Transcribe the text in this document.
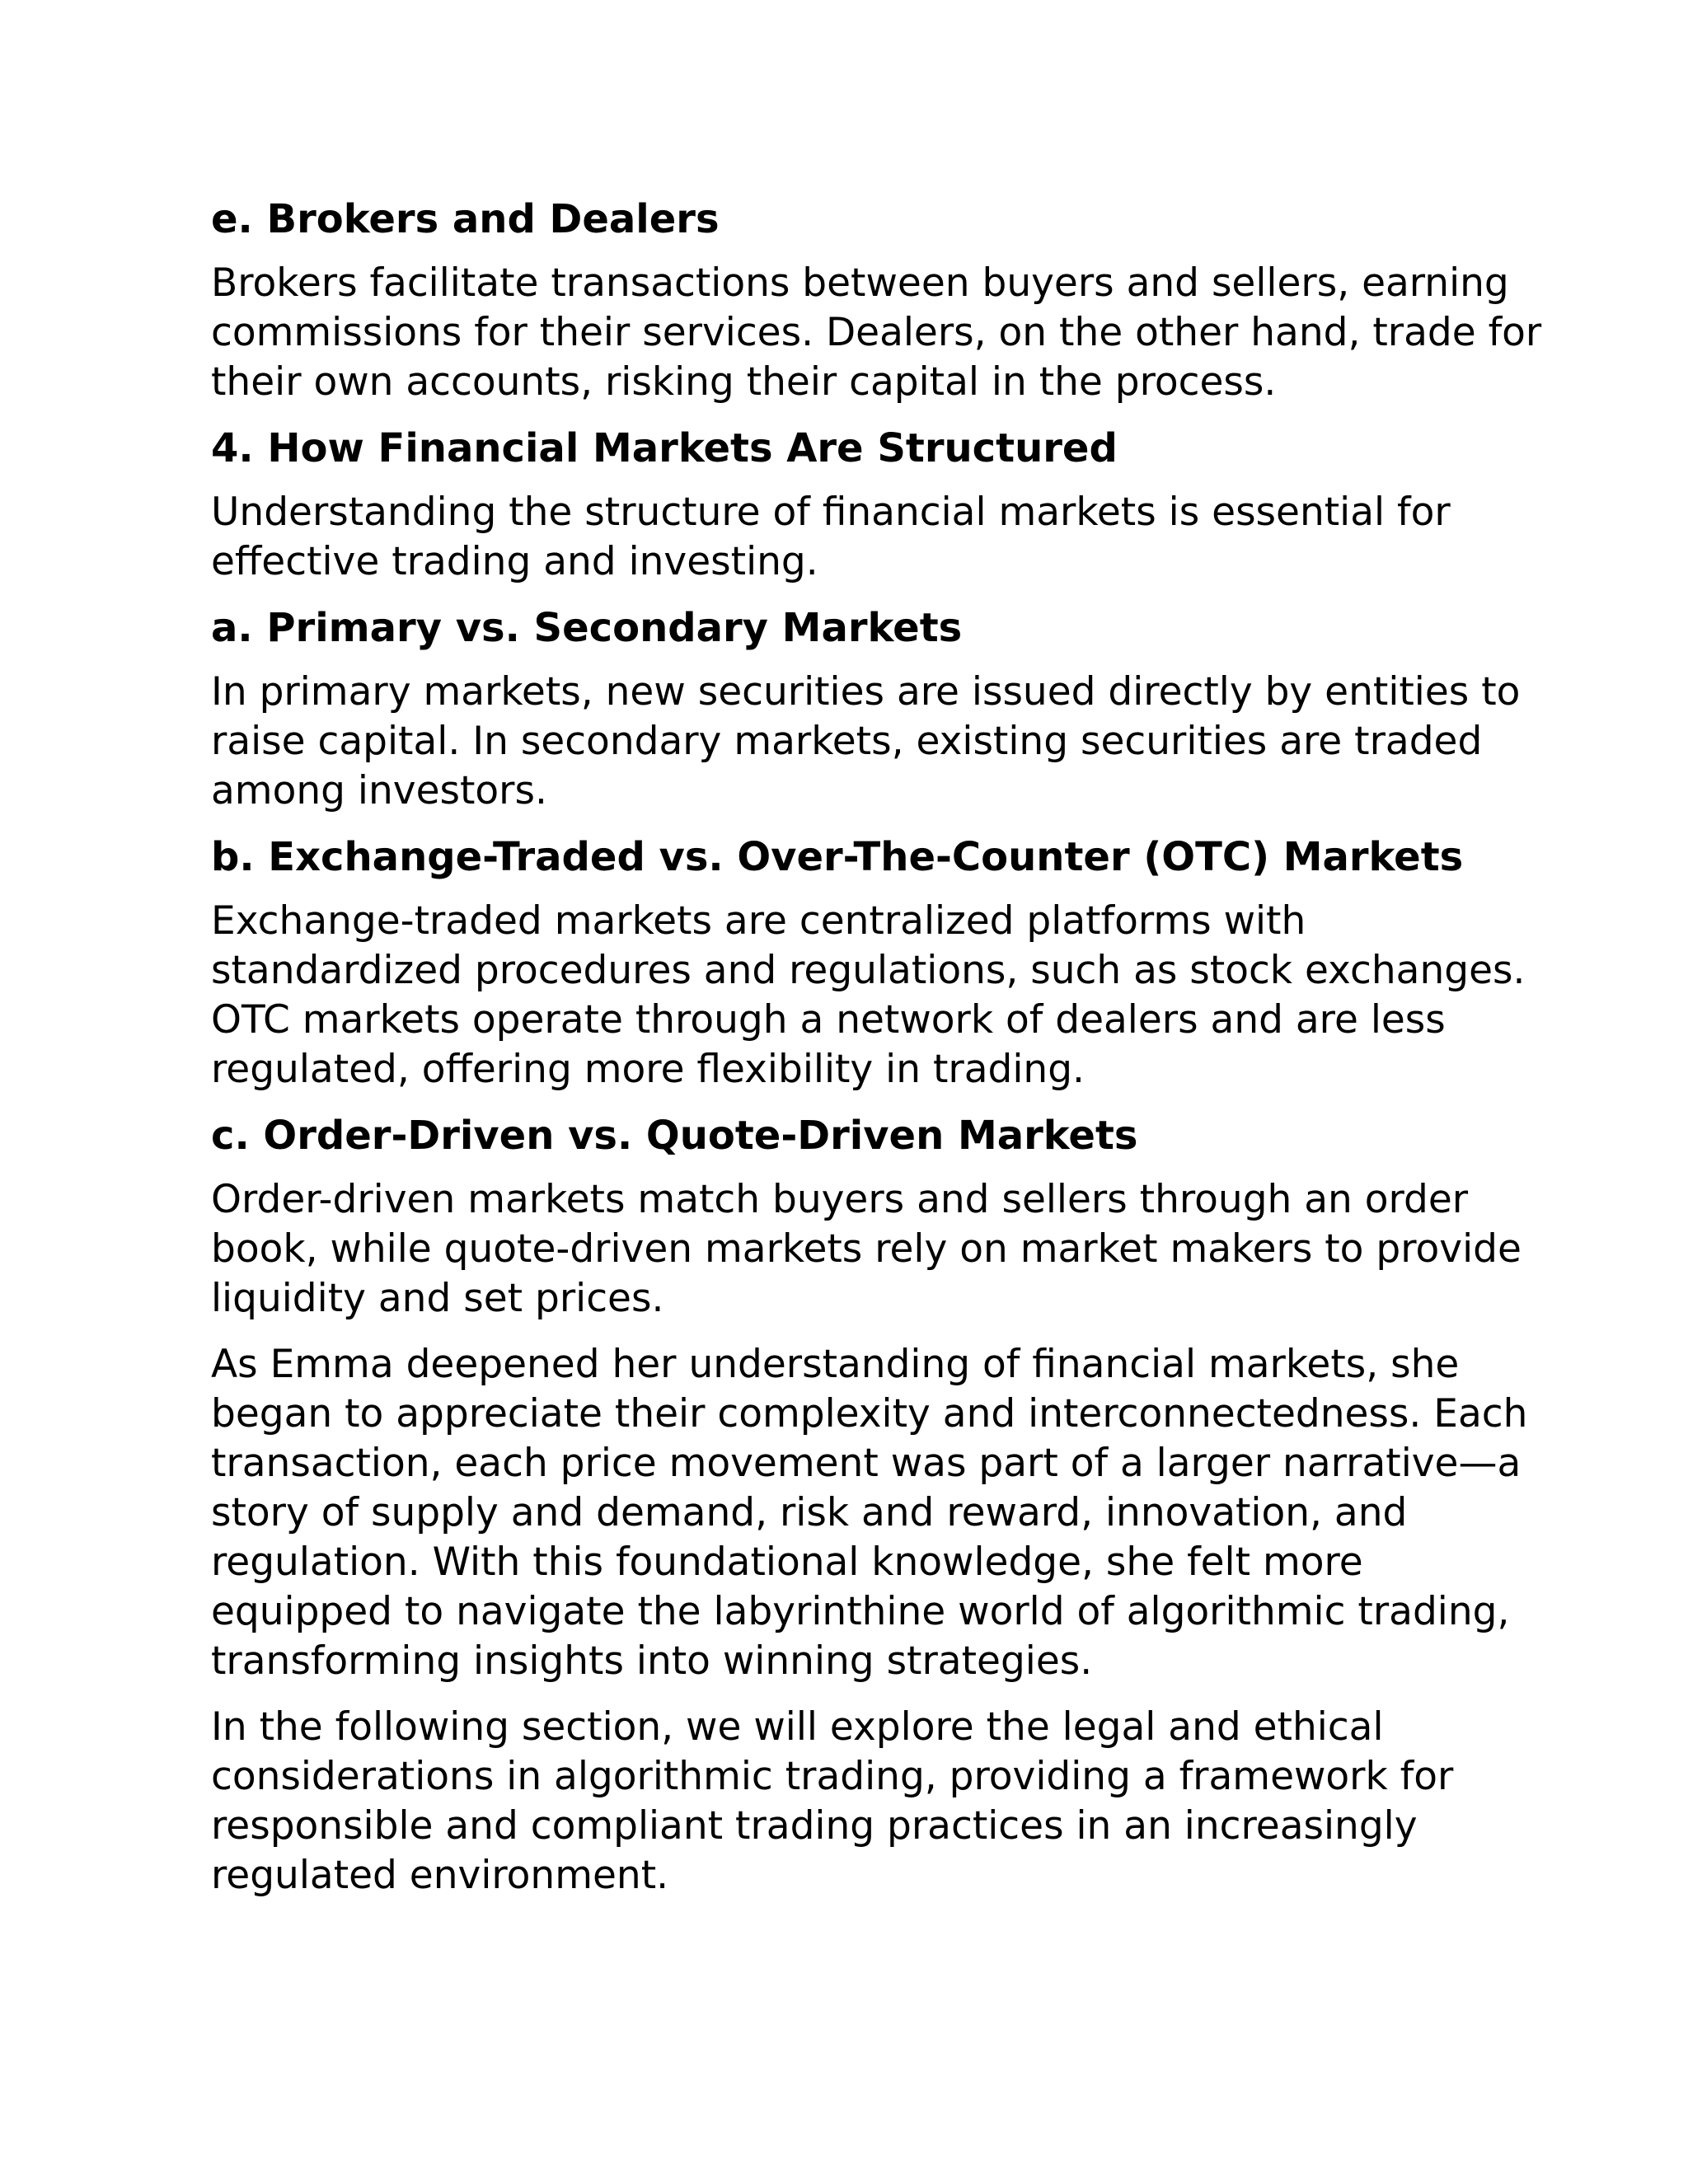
e. Brokers and Dealers
Brokers facilitate transactions between buyers and sellers, earning
commissions for their services. Dealers, on the other hand, trade for
their own accounts, risking their capital in the process.
4. How Financial Markets Are Structured
Understanding the structure of financial markets is essential for
effective trading and investing.
a. Primary vs. Secondary Markets
In primary markets, new securities are issued directly by entities to
raise capital. In secondary markets, existing securities are traded
among investors.
b. Exchange-Traded vs. Over-The-Counter (OTC) Markets
Exchange-traded markets are centralized platforms with
standardized procedures and regulations, such as stock exchanges.
OTC markets operate through a network of dealers and are less
regulated, offering more flexibility in trading.
c. Order-Driven vs. Quote-Driven Markets
Order-driven markets match buyers and sellers through an order
book, while quote-driven markets rely on market makers to provide
liquidity and set prices.
As Emma deepened her understanding of financial markets, she
began to appreciate their complexity and interconnectedness. Each
transaction, each price movement was part of a larger narrative—a
story of supply and demand, risk and reward, innovation, and
regulation. With this foundational knowledge, she felt more
equipped to navigate the labyrinthine world of algorithmic trading,
transforming insights into winning strategies.
In the following section, we will explore the legal and ethical
considerations in algorithmic trading, providing a framework for
responsible and compliant trading practices in an increasingly
regulated environment.
